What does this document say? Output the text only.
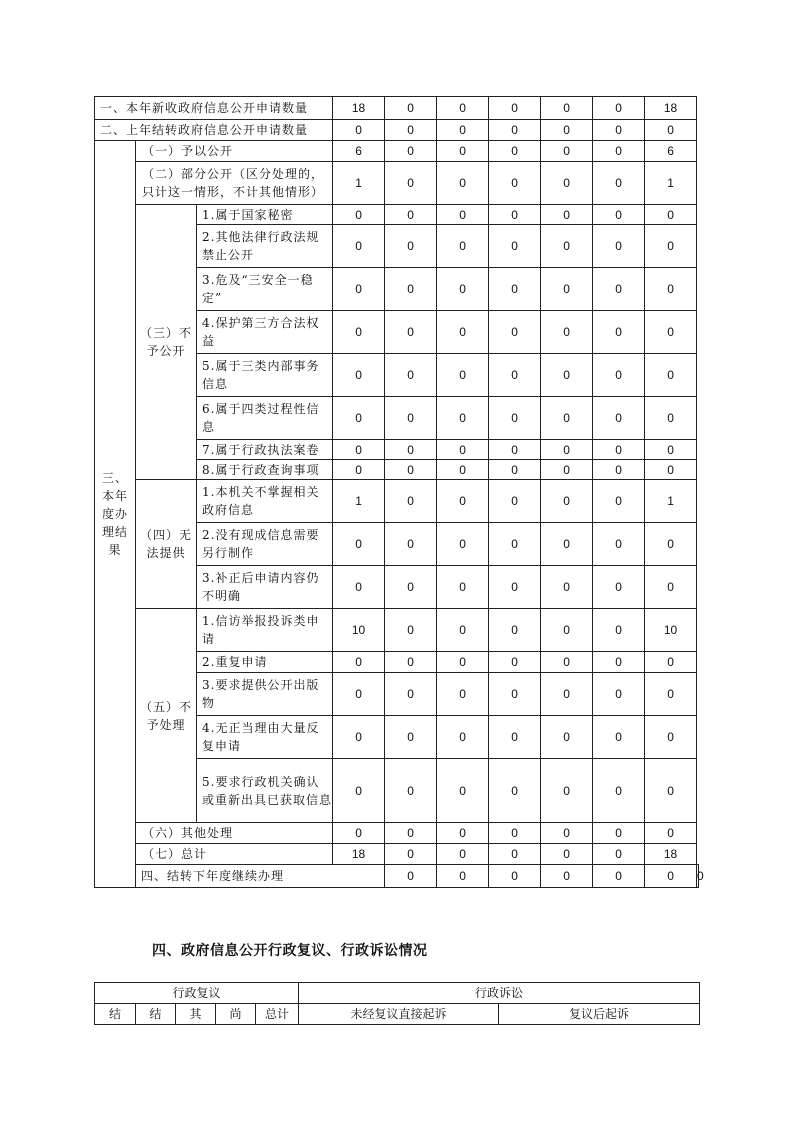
一、本年新收政府信息公开申请数量			18	0	0	0	0	0	18	
二、上年结转政府信息公开申请数量			0	0	0	0	0	0	0	
三、本年度办理结果	（一）予以公开		6	0	0	0	0	0	6	
	（二）部分公开（区分处理的，只计这一情形，不计其他情形）		1	0	0	0	0	0	1	
	（三）不予公开	1.属于国家秘密	0	0	0	0	0	0	0	
		2.其他法律行政法规禁止公开	0	0	0	0	0	0	0	
		3.危及“三安全一稳定”	0	0	0	0	0	0	0	
		4.保护第三方合法权益	0	0	0	0	0	0	0	
		5.属于三类内部事务信息	0	0	0	0	0	0	0	
		6.属于四类过程性信息	0	0	0	0	0	0	0	
		7.属于行政执法案卷	0	0	0	0	0	0	0	
		8.属于行政查询事项	0	0	0	0	0	0	0	
	（四）无法提供	1.本机关不掌握相关政府信息	1	0	0	0	0	0	1	
		2.没有现成信息需要另行制作	0	0	0	0	0	0	0	
		3.补正后申请内容仍不明确	0	0	0	0	0	0	0	
	（五）不予处理	1.信访举报投诉类申请	10	0	0	0	0	0	10	
		2.重复申请	0	0	0	0	0	0	0	
		3.要求提供公开出版物	0	0	0	0	0	0	0	
		4.无正当理由大量反复申请	0	0	0	0	0	0	0	
		5.要求行政机关确认或重新出具已获取信息	0	0	0	0	0	0	0	
	（六）其他处理		0	0	0	0	0	0	0	
	（七）总计		18	0	0	0	0	0	18	
	四、结转下年度继续办理			0	0	0	0	0	0	0
四、政府信息公开行政复议、行政诉讼情况
行政复议					行政诉讼	
结	结	其	尚	总计	未经复议直接起诉	复议后起诉
